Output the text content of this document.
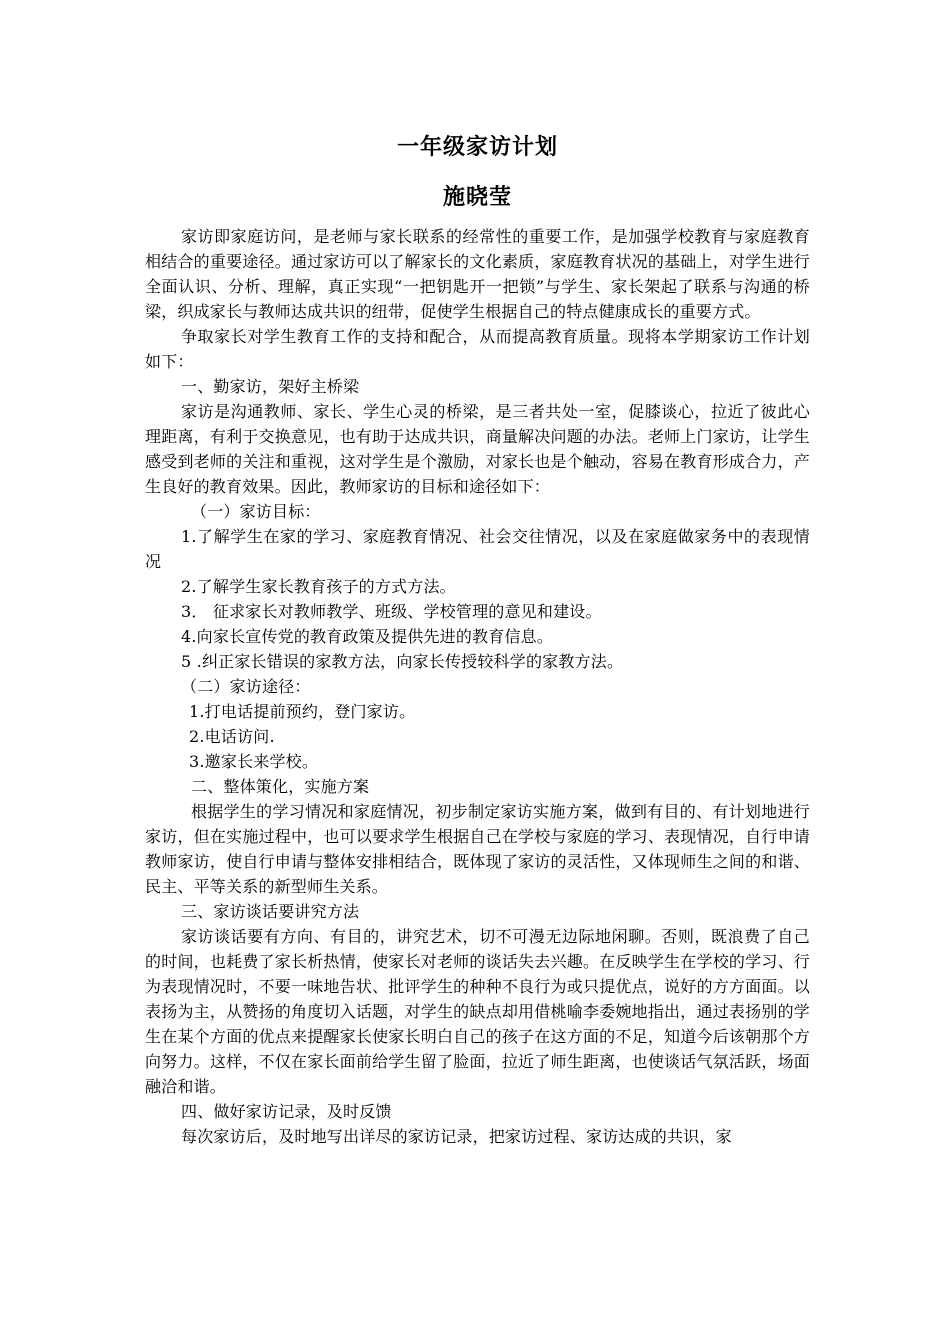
一年级家访计划
施晓莹

家访即家庭访问，是老师与家长联系的经常性的重要工作，是加强学校教育与家庭教育相结合的重要途径。通过家访可以了解家长的文化素质，家庭教育状况的基础上，对学生进行全面认识、分析、理解，真正实现“一把钥匙开一把锁”与学生、家长架起了联系与沟通的桥梁，织成家长与教师达成共识的纽带，促使学生根据自己的特点健康成长的重要方式。

争取家长对学生教育工作的支持和配合，从而提高教育质量。现将本学期家访工作计划如下：

一、勤家访，架好主桥梁

家访是沟通教师、家长、学生心灵的桥梁，是三者共处一室，促膝谈心，拉近了彼此心理距离，有利于交换意见，也有助于达成共识，商量解决问题的办法。老师上门家访，让学生感受到老师的关注和重视，这对学生是个激励，对家长也是个触动，容易在教育形成合力，产生良好的教育效果。因此，教师家访的目标和途径如下：

（一）家访目标：

1.了解学生在家的学习、家庭教育情况、社会交往情况，以及在家庭做家务中的表现情况

2.了解学生家长教育孩子的方式方法。

3． 征求家长对教师教学、班级、学校管理的意见和建设。

4.向家长宣传党的教育政策及提供先进的教育信息。

5 .纠正家长错误的家教方法，向家长传授较科学的家教方法。

（二）家访途径：

1.打电话提前预约，登门家访。

2.电话访问.

3.邀家长来学校。

二、整体策化，实施方案

根据学生的学习情况和家庭情况，初步制定家访实施方案，做到有目的、有计划地进行家访，但在实施过程中，也可以要求学生根据自己在学校与家庭的学习、表现情况，自行申请教师家访，使自行申请与整体安排相结合，既体现了家访的灵活性，又体现师生之间的和谐、民主、平等关系的新型师生关系。

三、家访谈话要讲究方法

家访谈话要有方向、有目的，讲究艺术，切不可漫无边际地闲聊。否则，既浪费了自己的时间，也耗费了家长析热情，使家长对老师的谈话失去兴趣。在反映学生在学校的学习、行为表现情况时，不要一味地告状、批评学生的种种不良行为或只提优点，说好的方方面面。以表扬为主，从赞扬的角度切入话题，对学生的缺点却用借桃喻李委婉地指出，通过表扬别的学生在某个方面的优点来提醒家长使家长明白自己的孩子在这方面的不足，知道今后该朝那个方向努力。这样，不仅在家长面前给学生留了脸面，拉近了师生距离，也使谈话气氛活跃，场面融洽和谐。

四、做好家访记录，及时反馈

每次家访后，及时地写出详尽的家访记录，把家访过程、家访达成的共识，家
